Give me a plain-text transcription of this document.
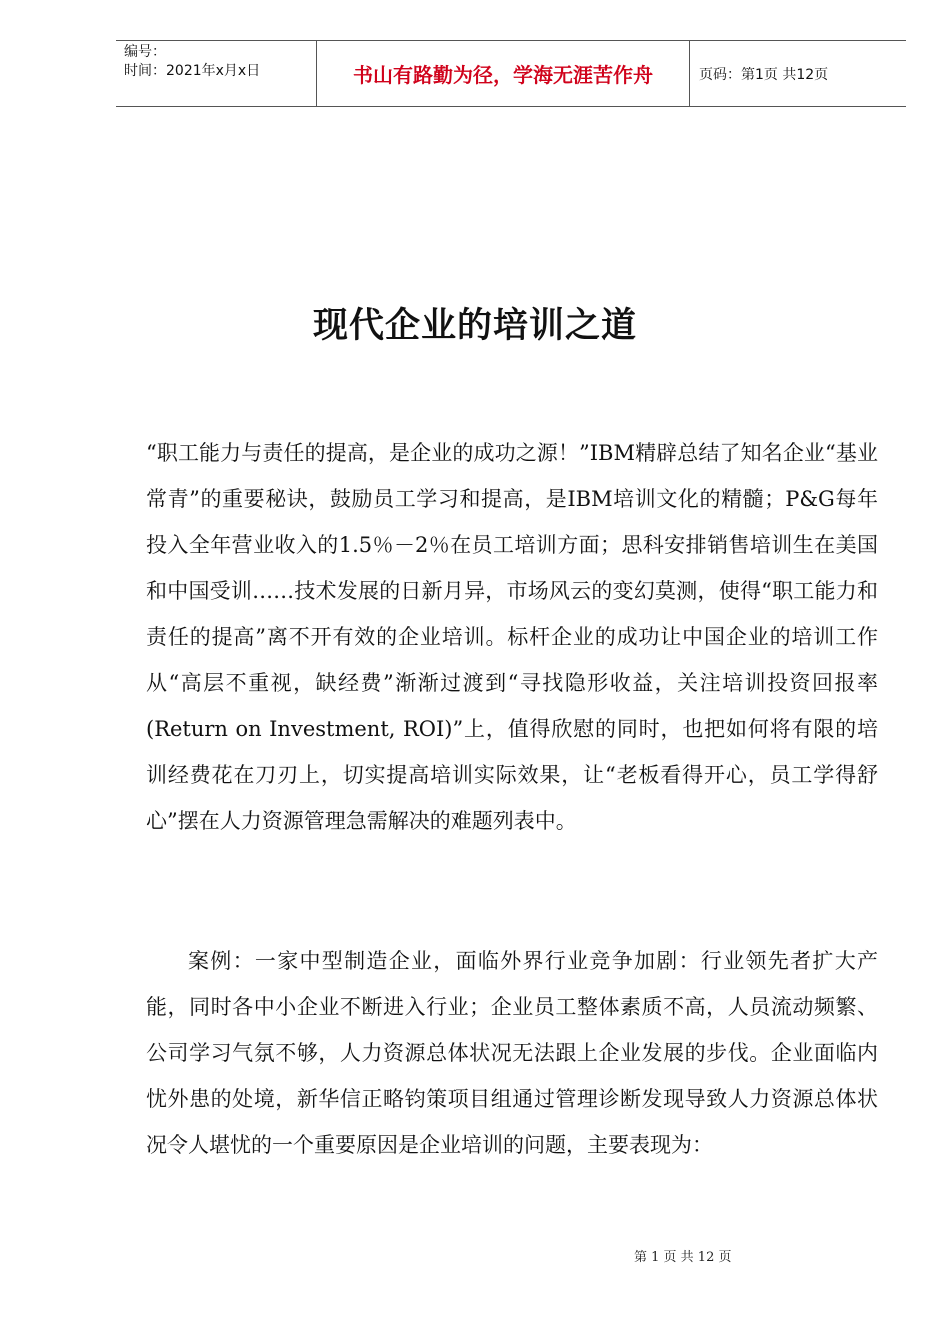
编号：
时间：2021年x月x日	书山有路勤为径，学海无涯苦作舟	页码：第1页 共12页
现代企业的培训之道

“职工能力与责任的提高，是企业的成功之源！”IBM精辟总结了知名企业“基业常青”的重要秘诀，鼓励员工学习和提高，是IBM培训文化的精髓；P&G每年投入全年营业收入的1.5％－2％在员工培训方面；思科安排销售培训生在美国和中国受训……技术发展的日新月异，市场风云的变幻莫测，使得“职工能力和责任的提高”离不开有效的企业培训。标杆企业的成功让中国企业的培训工作从“高层不重视，缺经费”渐渐过渡到“寻找隐形收益，关注培训投资回报率(Return on Investment, ROI)”上，值得欣慰的同时，也把如何将有限的培训经费花在刀刃上，切实提高培训实际效果，让“老板看得开心，员工学得舒心”摆在人力资源管理急需解决的难题列表中。

案例：一家中型制造企业，面临外界行业竞争加剧：行业领先者扩大产能，同时各中小企业不断进入行业；企业员工整体素质不高，人员流动频繁、公司学习气氛不够，人力资源总体状况无法跟上企业发展的步伐。企业面临内忧外患的处境，新华信正略钧策项目组通过管理诊断发现导致人力资源总体状况令人堪忧的一个重要原因是企业培训的问题，主要表现为：

第 1 页 共 12 页
